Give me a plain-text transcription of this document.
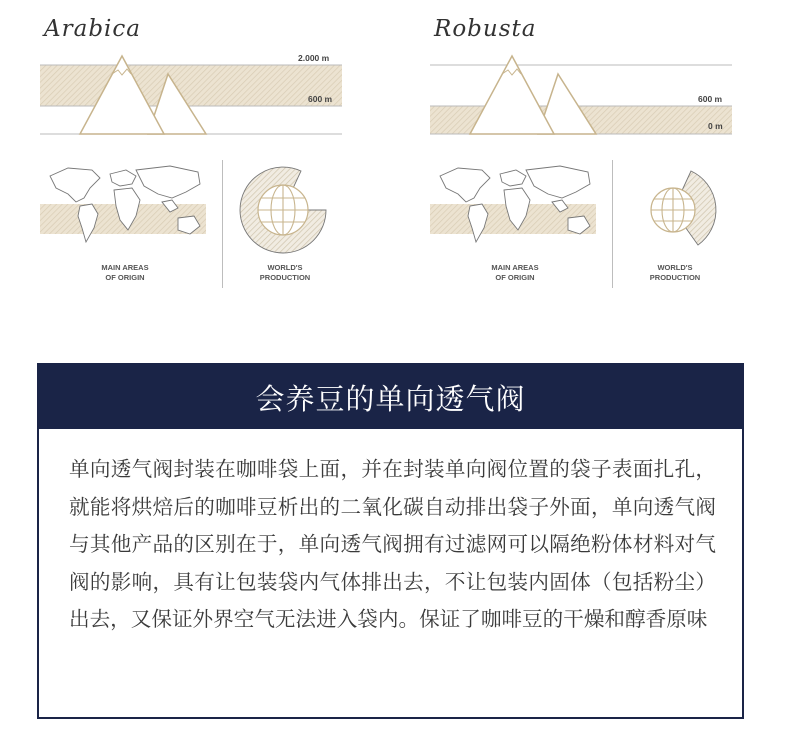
Arabica
2.000 m
600 m
MAIN AREAS
OF ORIGIN
WORLD'S
PRODUCTION
Robusta
600 m
0 m
MAIN AREAS
OF ORIGIN
WORLD'S
PRODUCTION
会养豆的单向透气阀
单向透气阀封装在咖啡袋上面，并在封装单向阀位置的袋子表面扎孔，就能将烘焙后的咖啡豆析出的二氧化碳自动排出袋子外面，单向透气阀与其他产品的区别在于，单向透气阀拥有过滤网可以隔绝粉体材料对气阀的影响，具有让包装袋内气体排出去，不让包装内固体（包括粉尘）出去，又保证外界空气无法进入袋内。保证了咖啡豆的干燥和醇香原味
